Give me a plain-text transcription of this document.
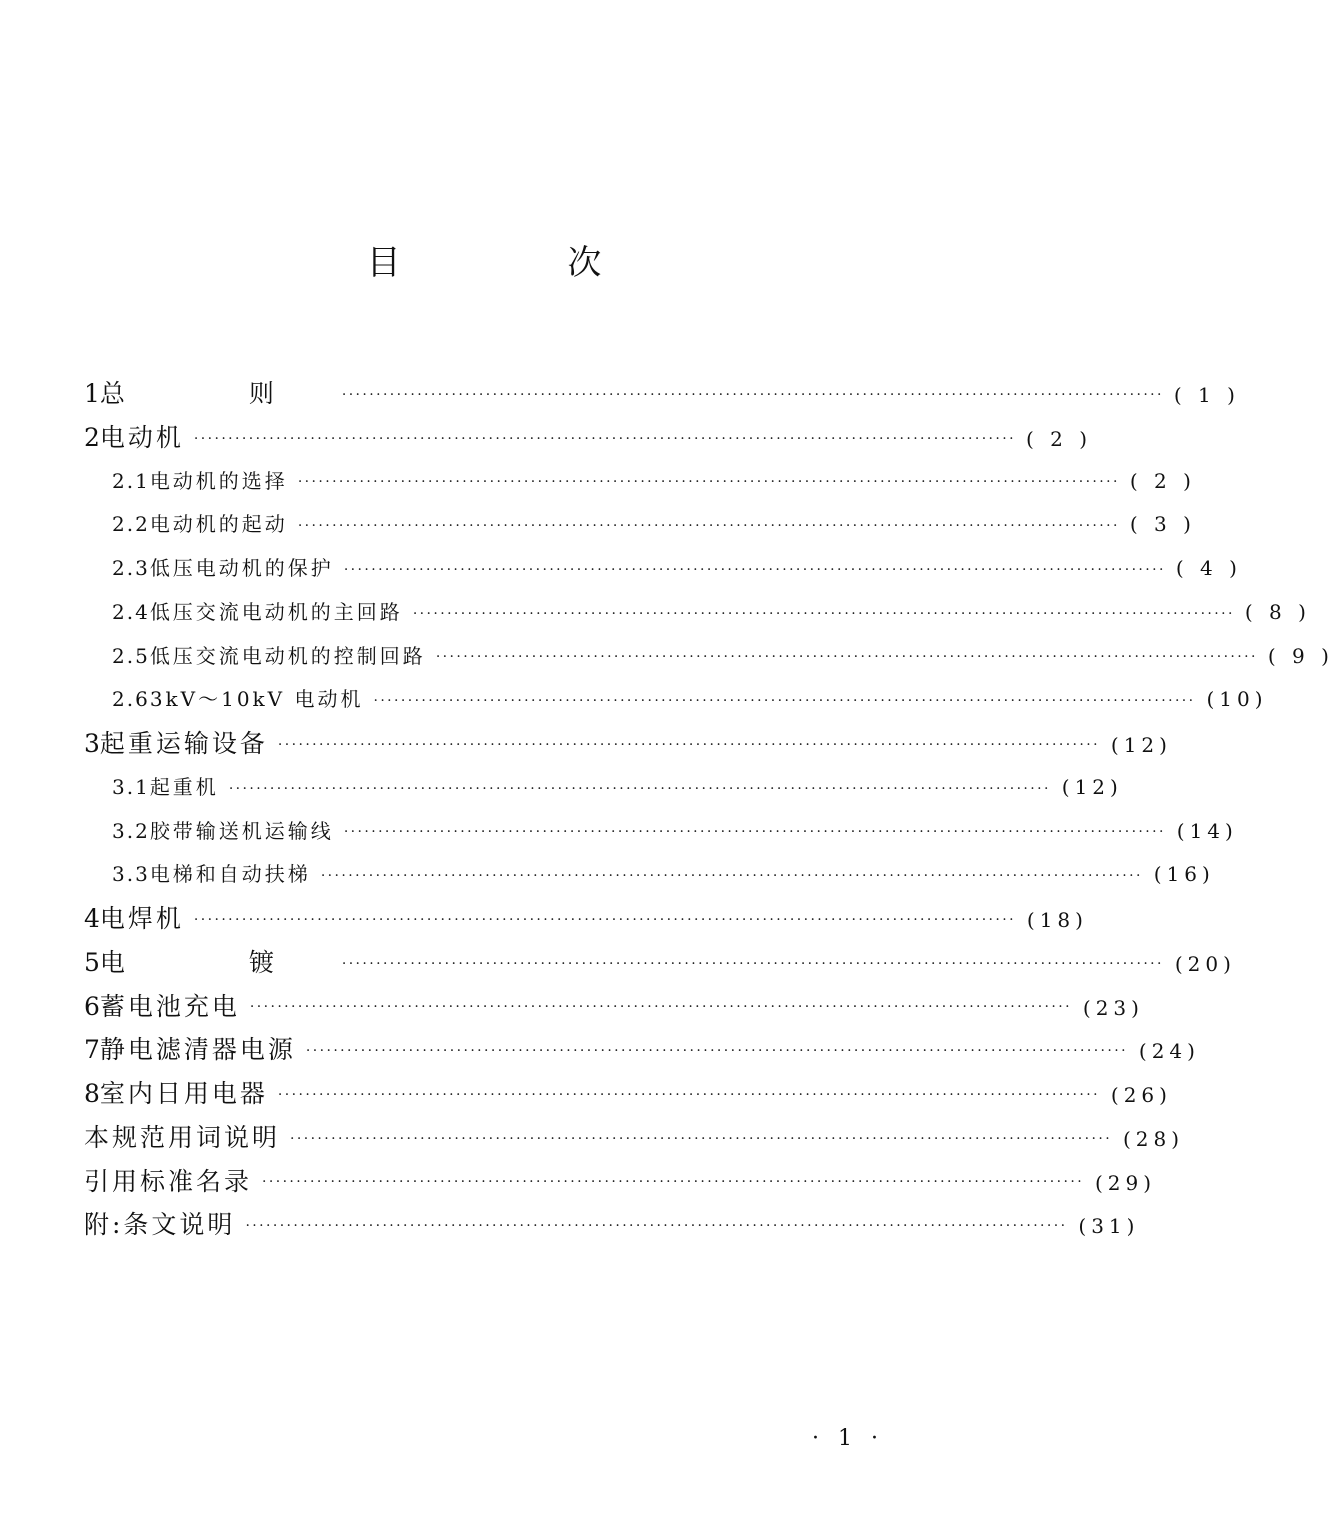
目 次
1 总 则 ························································································································ ( 1 )
2 电动机 ························································································································ ( 2 )
2.1 电动机的选择 ························································································································ ( 2 )
2.2 电动机的起动 ························································································································ ( 3 )
2.3 低压电动机的保护 ························································································································ ( 4 )
2.4 低压交流电动机的主回路 ························································································································ ( 8 )
2.5 低压交流电动机的控制回路 ························································································································ ( 9 )
2.6 3kV～10kV 电动机 ························································································································ (10)
3 起重运输设备 ························································································································ (12)
3.1 起重机 ························································································································ (12)
3.2 胶带输送机运输线 ························································································································ (14)
3.3 电梯和自动扶梯 ························································································································ (16)
4 电焊机 ························································································································ (18)
5 电 镀 ························································································································ (20)
6 蓄电池充电 ························································································································ (23)
7 静电滤清器电源 ························································································································ (24)
8 室内日用电器 ························································································································ (26)
本规范用词说明 ························································································································ (28)
引用标准名录 ························································································································ (29)
附:条文说明 ························································································································ (31)
· 1 ·
